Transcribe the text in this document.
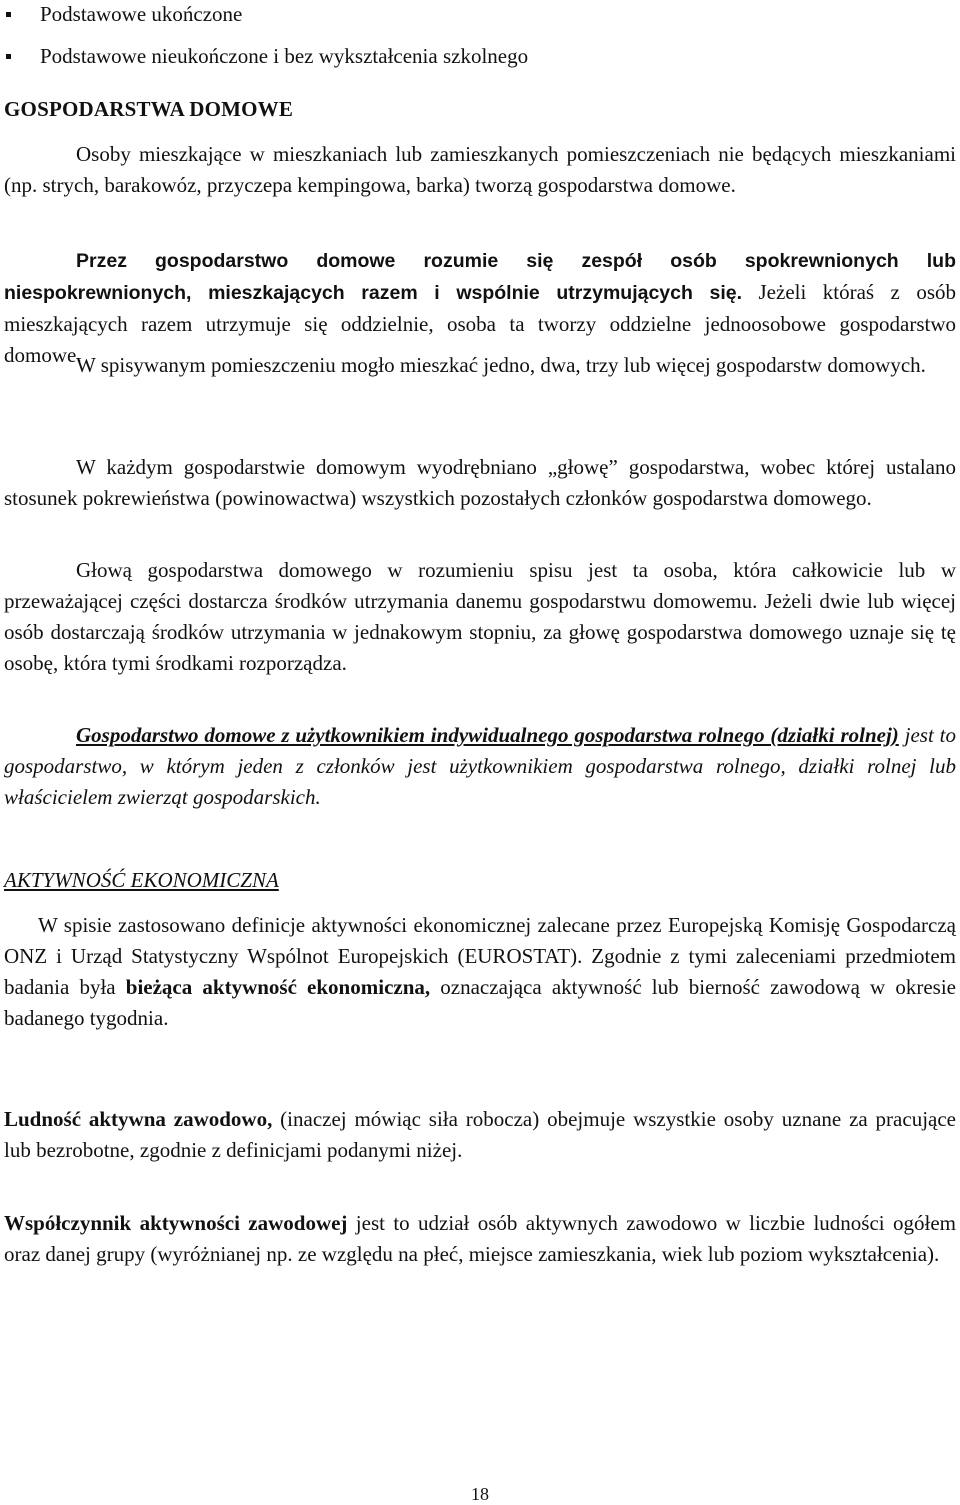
Podstawowe ukończone
Podstawowe nieukończone i bez wykształcenia szkolnego
GOSPODARSTWA DOMOWE

Osoby mieszkające w mieszkaniach lub zamieszkanych pomieszczeniach nie będących mieszkaniami (np. strych, barakowóz, przyczepa kempingowa, barka) tworzą gospodarstwa domowe.

Przez gospodarstwo domowe rozumie się zespół osób spokrewnionych lub niespokrewnionych, mieszkających razem i wspólnie utrzymujących się. Jeżeli któraś z osób mieszkających razem utrzymuje się oddzielnie, osoba ta tworzy oddzielne jednoosobowe gospodarstwo domowe.

W spisywanym pomieszczeniu mogło mieszkać jedno, dwa, trzy lub więcej gospodarstw domowych.

W każdym gospodarstwie domowym wyodrębniano „głowę” gospodarstwa, wobec której ustalano stosunek pokrewieństwa (powinowactwa) wszystkich pozostałych członków gospodarstwa domowego.

Głową gospodarstwa domowego w rozumieniu spisu jest ta osoba, która całkowicie lub w przeważającej części dostarcza środków utrzymania danemu gospodarstwu domowemu. Jeżeli dwie lub więcej osób dostarczają środków utrzymania w jednakowym stopniu, za głowę gospodarstwa domowego uznaje się tę osobę, która tymi środkami rozporządza.

Gospodarstwo domowe z użytkownikiem indywidualnego gospodarstwa rolnego (działki rolnej) jest to gospodarstwo, w którym jeden z członków jest użytkownikiem gospodarstwa rolnego, działki rolnej lub właścicielem zwierząt gospodarskich.

AKTYWNOŚĆ EKONOMICZNA

W spisie zastosowano definicje aktywności ekonomicznej zalecane przez Europejską Komisję Gospodarczą ONZ i Urząd Statystyczny Wspólnot Europejskich (EUROSTAT). Zgodnie z tymi zaleceniami przedmiotem badania była bieżąca aktywność ekonomiczna, oznaczająca aktywność lub bierność zawodową w okresie badanego tygodnia.

Ludność aktywna zawodowo, (inaczej mówiąc siła robocza) obejmuje wszystkie osoby uznane za pracujące lub bezrobotne, zgodnie z definicjami podanymi niżej.

Współczynnik aktywności zawodowej jest to udział osób aktywnych zawodowo w liczbie ludności ogółem oraz danej grupy (wyróżnianej np. ze względu na płeć, miejsce zamieszkania, wiek lub poziom wykształcenia).

18
